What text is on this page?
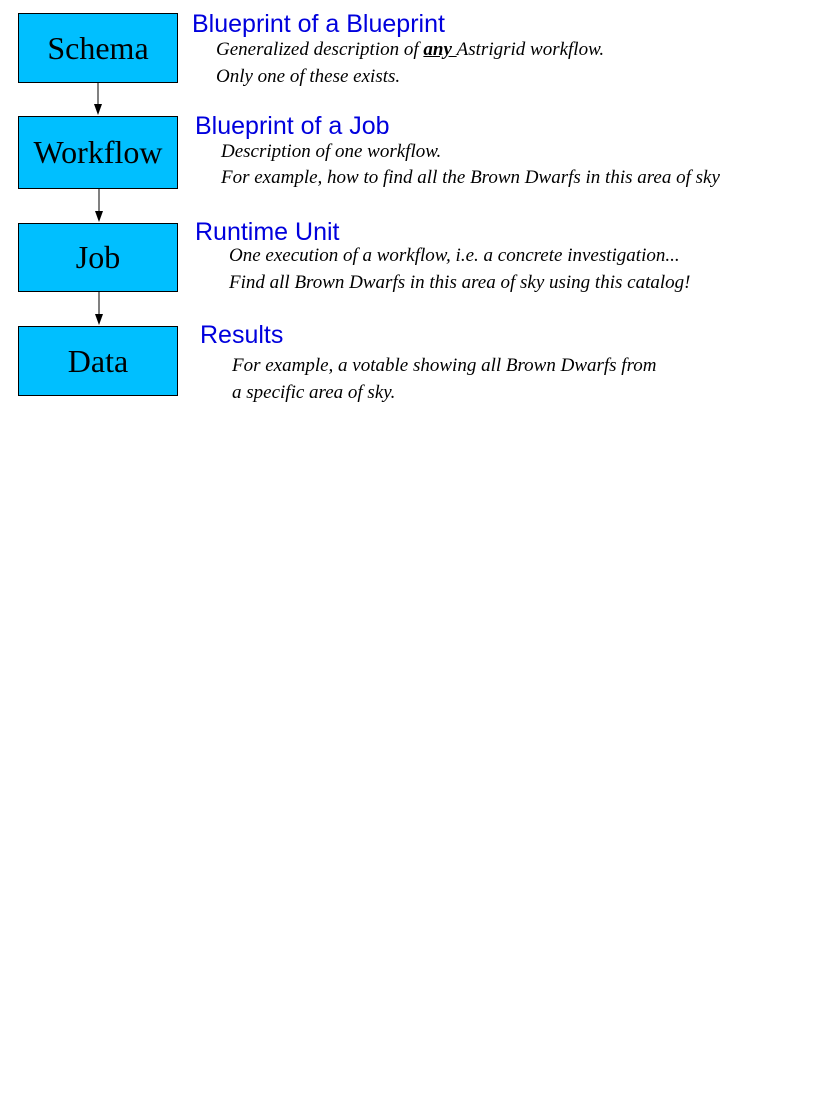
Schema
Workflow
Job
Data
Blueprint of a Blueprint
Generalized description of any Astrigrid workflow.
Only one of these exists.
Blueprint of a Job
Description of one workflow.
For example, how to find all the Brown Dwarfs in this area of sky
Runtime Unit
One execution of a workflow, i.e. a concrete investigation...
Find all Brown Dwarfs in this area of sky using this catalog!
Results
For example, a votable showing all Brown Dwarfs from
a specific area of sky.
